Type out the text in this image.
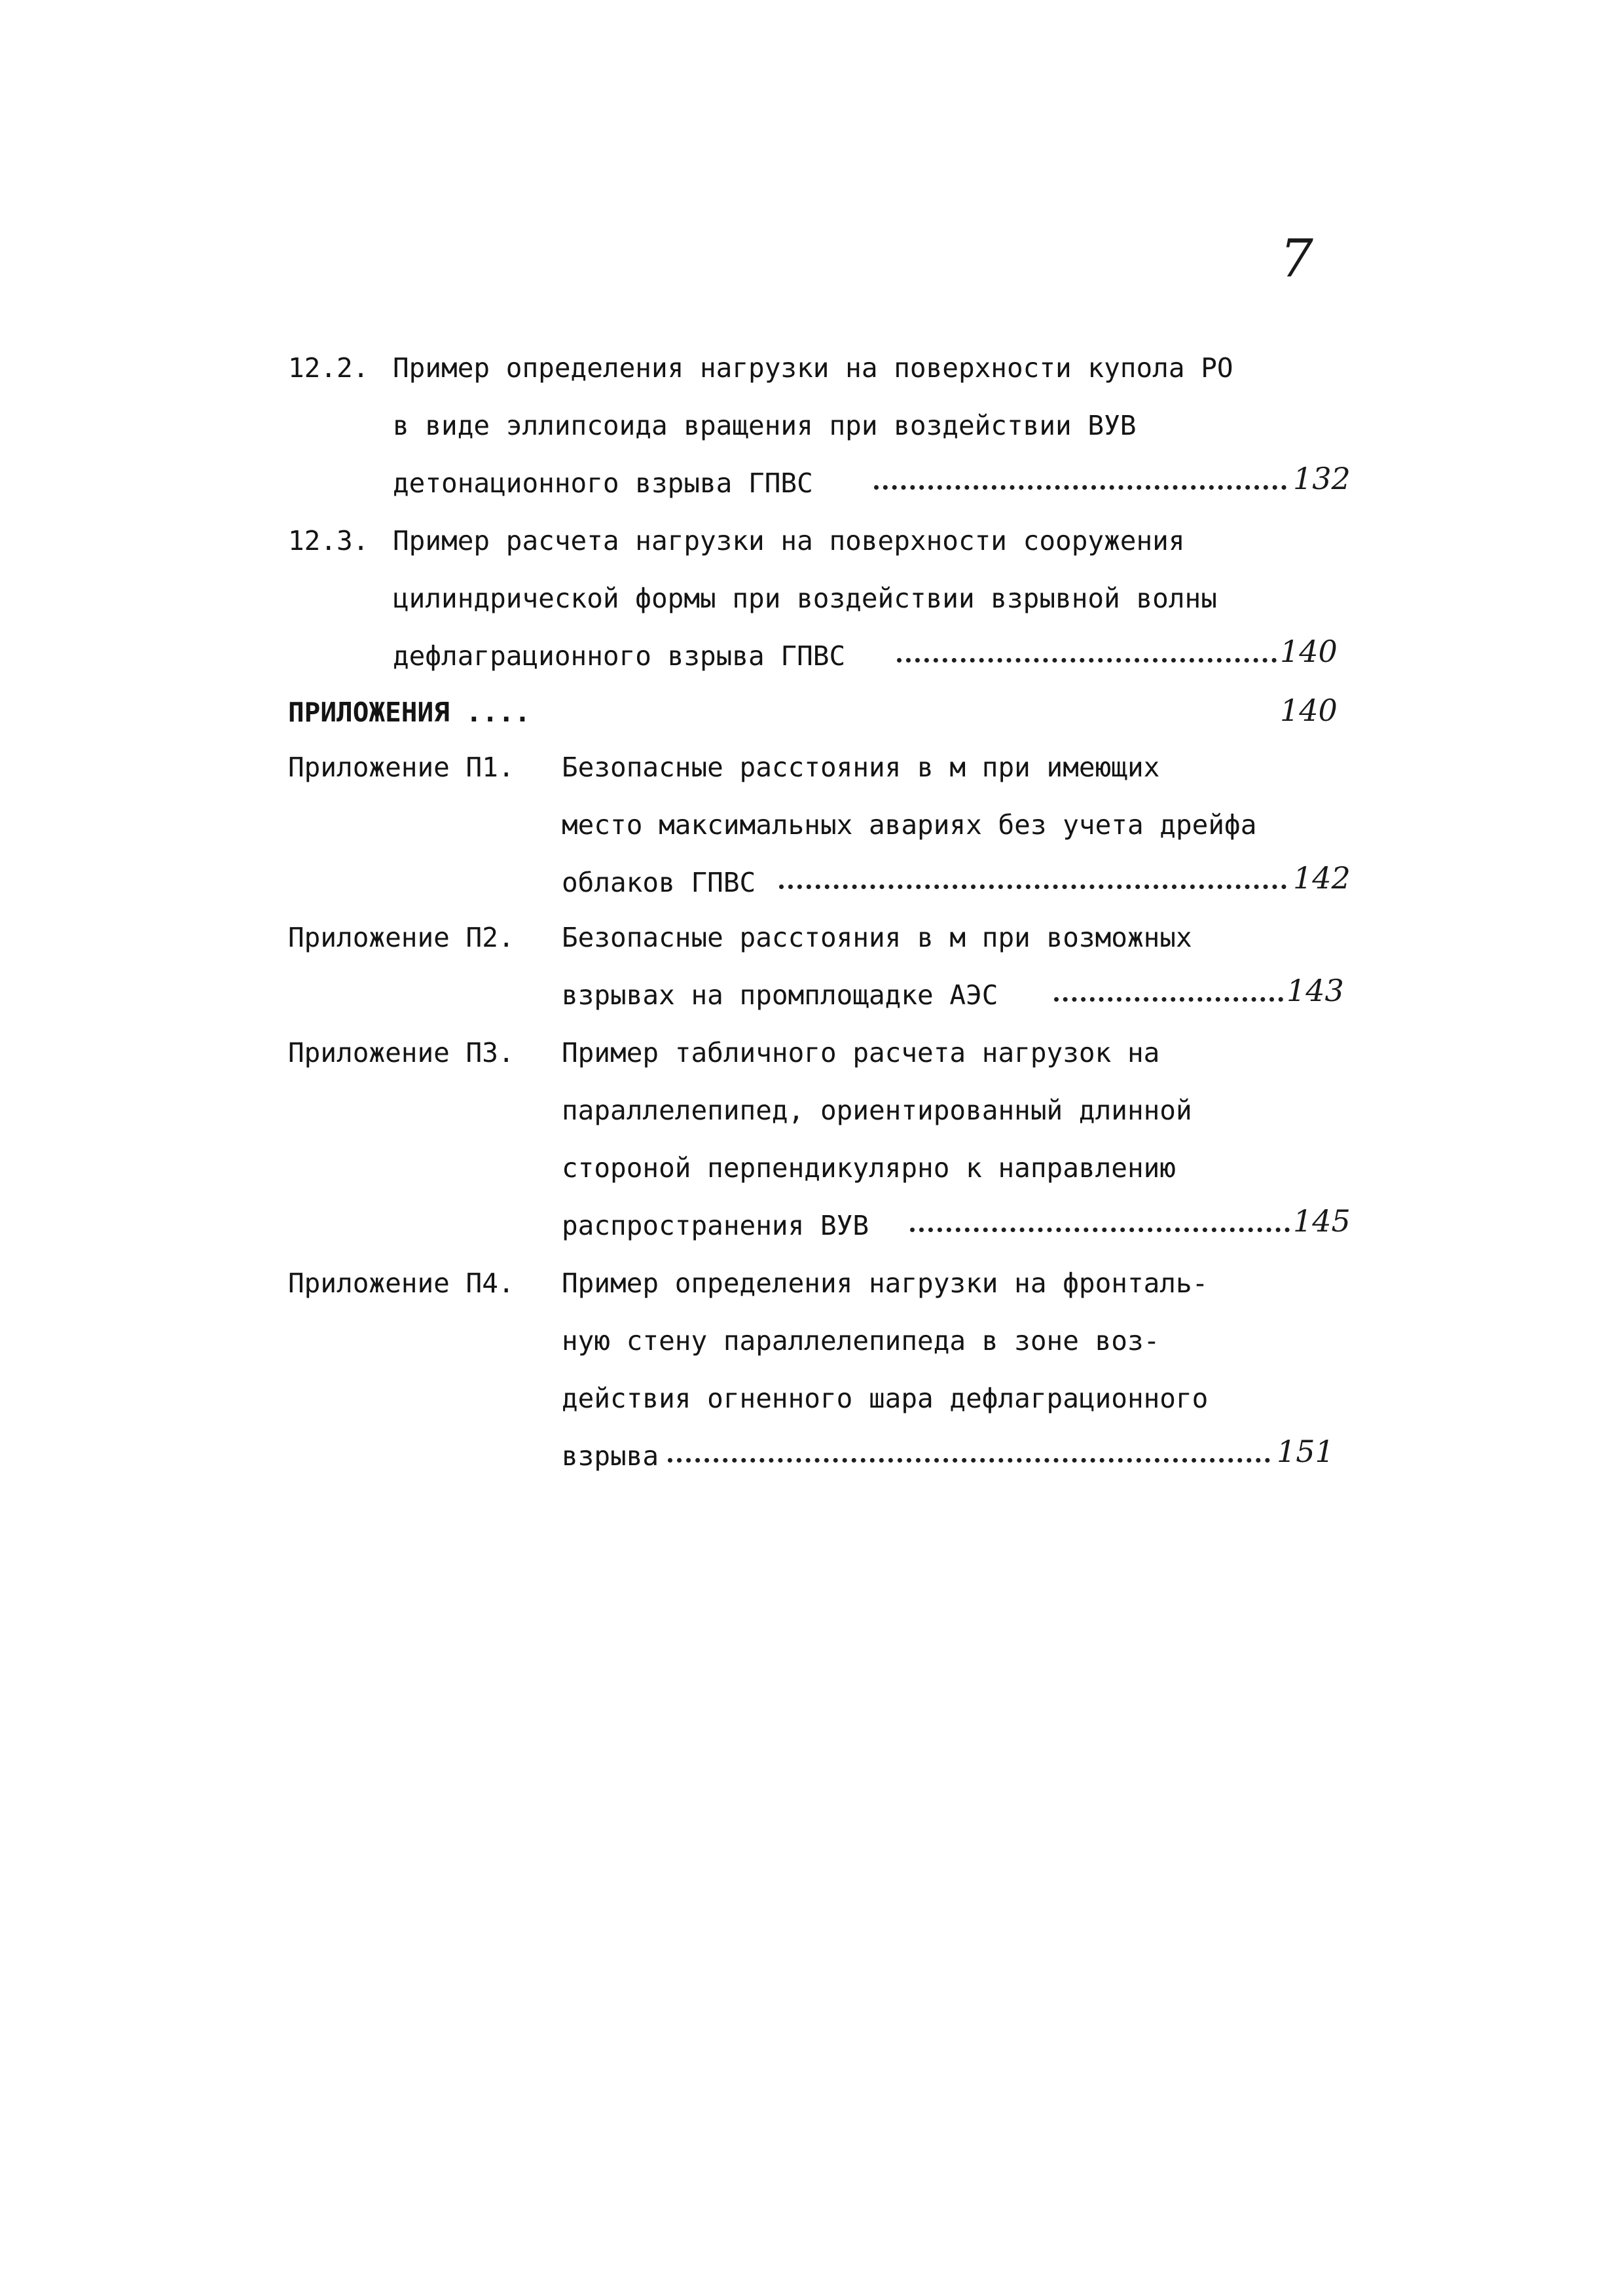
7
12.2. Пример определения нагрузки на поверхности купола РО
в виде эллипсоида вращения при воздействии ВУВ
детонационного взрыва ГПВС	132
12.3. Пример расчета нагрузки на поверхности сооружения
цилиндрической формы при воздействии взрывной волны
дефлаграционного взрыва ГПВС	140
ПРИЛОЖЕНИЯ ....	140
Приложение П1. Безопасные расстояния в м при имеющих
место максимальных авариях без учета дрейфа
облаков ГПВС	142
Приложение П2. Безопасные расстояния в м при возможных
взрывах на промплощадке АЭС	143
Приложение П3. Пример табличного расчета нагрузок на
параллелепипед, ориентированный длинной
стороной перпендикулярно к направлению
распространения ВУВ	145
Приложение П4. Пример определения нагрузки на фронталь-
ную стену параллелепипеда в зоне воз-
действия огненного шара дефлаграционного
взрыва	151
